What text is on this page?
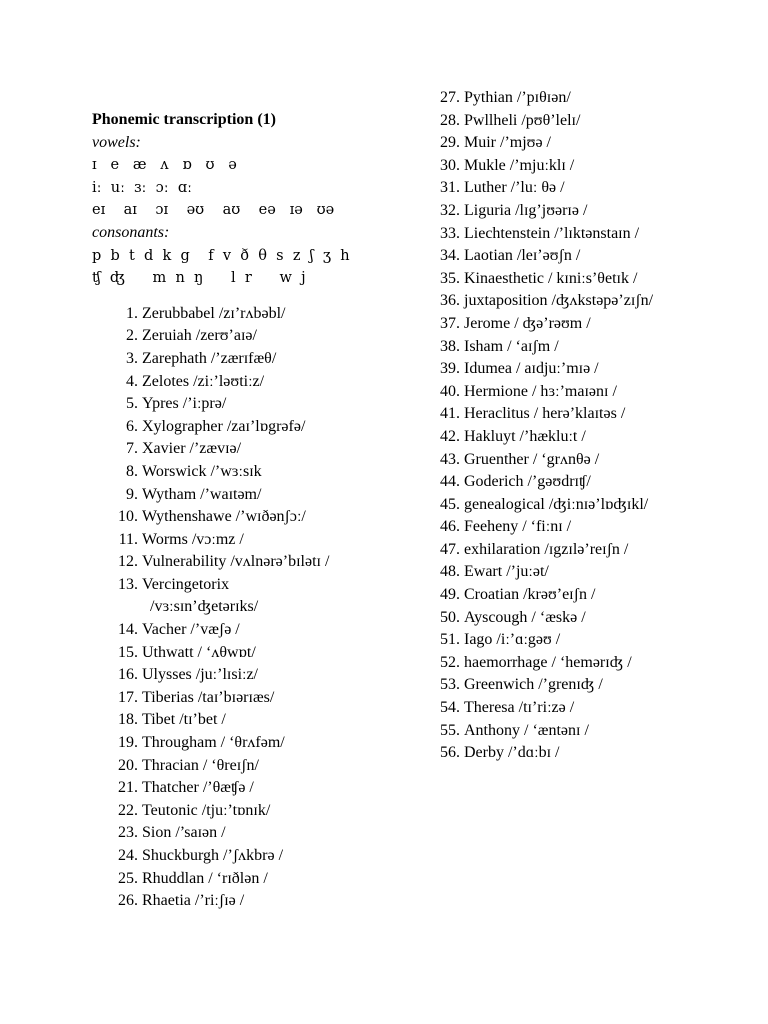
Phonemic transcription (1)
vowels:
ɪ   e   æ   ʌ   ɒ   ʊ   ə
iː  uː  ɜː  ɔː  ɑː
eɪ    aɪ    ɔɪ    əʊ    aʊ    eə   ɪə   ʊə
consonants:
p  b  t  d  k  g    f  v  ð  θ  s  z  ʃ  ʒ  h
ʧ  ʤ      m  n  ŋ      l  r      w  j
1. Zerubbabel /zɪ’rʌbəbl/
2. Zeruiah /zerʊ’aɪə/
3. Zarephath /’zærɪfæθ/
4. Zelotes /ziː’ləʊtiːz/
5. Ypres /’iːprə/
6. Xylographer /zaɪ’lɒgrəfə/
7. Xavier /’zævɪə/
8. Worswick /’wɜːsɪk
9. Wytham /’waɪtəm/
10. Wythenshawe /’wɪðənʃɔː/
11. Worms /vɔːmz /
12. Vulnerability /vʌlnərə’bɪlətɪ /
13. Vercingetorix
/vɜːsɪn’ʤetərɪks/
14. Vacher /’væʃə /
15. Uthwatt / ‘ʌθwɒt/
16. Ulysses /juː’lɪsiːz/
17. Tiberias /taɪ’bɪərɪæs/
18. Tibet /tɪ’bet /
19. Througham / ‘θrʌfəm/
20. Thracian / ‘θreɪʃn/
21. Thatcher /’θæʧə /
22. Teutonic /tjuː’tɒnɪk/
23. Sion /’saɪən /
24. Shuckburgh /’ʃʌkbrə /
25. Rhuddlan / ‘rɪðlən /
26. Rhaetia /’riːʃɪə /
27. Pythian /’pɪθɪən/
28. Pwllheli /pʊθ’lelɪ/
29. Muir /’mjʊə /
30. Mukle /’mjuːklɪ /
31. Luther /’luː θə /
32. Liguria /lɪg’jʊərɪə /
33. Liechtenstein /’lɪktənstaɪn /
34. Laotian /leɪ’əʊʃn /
35. Kinaesthetic / kɪniːs’θetɪk /
36. juxtaposition /ʤʌkstəpə’zɪʃn/
37. Jerome / ʤə’rəʊm /
38. Isham / ‘aɪʃm /
39. Idumea / aɪdjuː’mɪə /
40. Hermione / hɜː’maɪənɪ /
41. Heraclitus / herə’klaɪtəs /
42. Hakluyt /’hækluːt /
43. Gruenther / ‘grʌnθə /
44. Goderich /’gəʊdrɪʧ/
45. genealogical /ʤiːnɪə’lɒʤɪkl/
46. Feeheny / ‘fiːnɪ /
47. exhilaration /ɪgzɪlə’reɪʃn /
48. Ewart /’juːət/
49. Croatian /krəʊ’eɪʃn /
50. Ayscough / ‘æskə /
51. Iago /iː’ɑːgəʊ /
52. haemorrhage / ‘hemərɪʤ /
53. Greenwich /’grenɪʤ /
54. Theresa /tɪ’riːzə /
55. Anthony / ‘æntənɪ /
56. Derby /’dɑːbɪ /
